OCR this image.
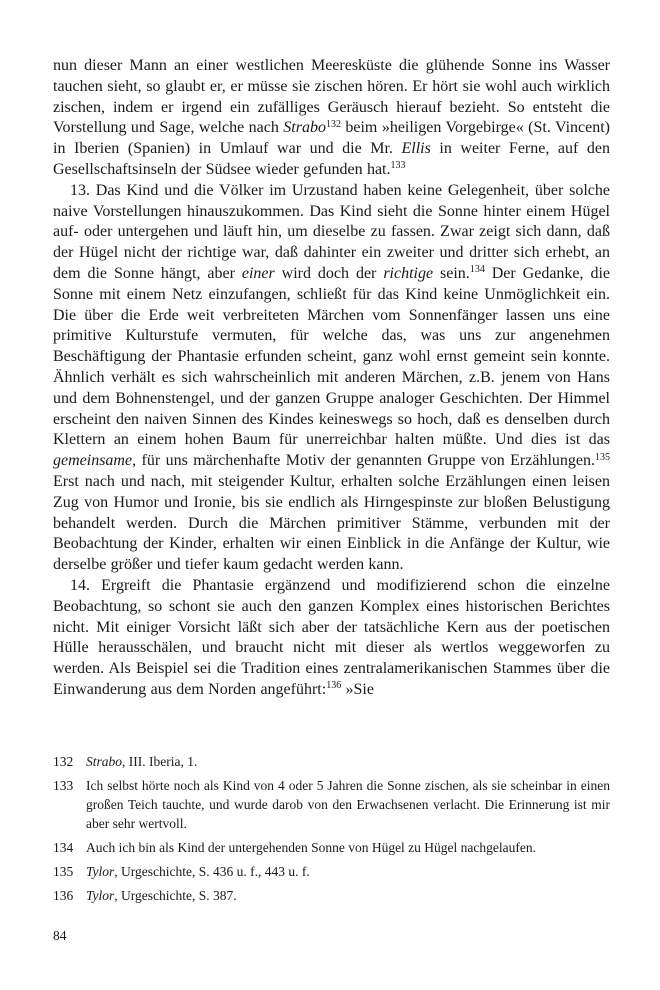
nun dieser Mann an einer westlichen Meeresküste die glühende Sonne ins Wasser tauchen sieht, so glaubt er, er müsse sie zischen hören. Er hört sie wohl auch wirklich zischen, indem er irgend ein zufälliges Geräusch hierauf bezieht. So entsteht die Vorstellung und Sage, welche nach Strabo$^{132}$ beim »heiligen Vorgebirge« (St. Vincent) in Iberien (Spanien) in Umlauf war und die Mr. Ellis in weiter Ferne, auf den Gesellschaftsinseln der Südsee wieder gefunden hat.$^{133}$

13. Das Kind und die Völker im Urzustand haben keine Gelegenheit, über solche naive Vorstellungen hinauszukommen. Das Kind sieht die Sonne hinter einem Hügel auf- oder untergehen und läuft hin, um dieselbe zu fassen. Zwar zeigt sich dann, daß der Hügel nicht der richtige war, daß dahinter ein zweiter und dritter sich erhebt, an dem die Sonne hängt, aber einer wird doch der richtige sein.$^{134}$ Der Gedanke, die Sonne mit einem Netz einzufangen, schließt für das Kind keine Unmöglichkeit ein. Die über die Erde weit verbreiteten Märchen vom Sonnenfänger lassen uns eine primitive Kulturstufe vermuten, für welche das, was uns zur angenehmen Beschäftigung der Phantasie erfunden scheint, ganz wohl ernst gemeint sein konnte. Ähnlich verhält es sich wahrscheinlich mit anderen Märchen, z.B. jenem von Hans und dem Bohnenstengel, und der ganzen Gruppe analoger Geschichten. Der Himmel erscheint den naiven Sinnen des Kindes keineswegs so hoch, daß es denselben durch Klettern an einem hohen Baum für unerreichbar halten müßte. Und dies ist das gemeinsame, für uns märchenhafte Motiv der genannten Gruppe von Erzählungen.$^{135}$ Erst nach und nach, mit steigender Kultur, erhalten solche Erzählungen einen leisen Zug von Humor und Ironie, bis sie endlich als Hirngespinste zur bloßen Belustigung behandelt werden. Durch die Märchen primitiver Stämme, verbunden mit der Beobachtung der Kinder, erhalten wir einen Einblick in die Anfänge der Kultur, wie derselbe größer und tiefer kaum gedacht werden kann.

14. Ergreift die Phantasie ergänzend und modifizierend schon die einzelne Beobachtung, so schont sie auch den ganzen Komplex eines historischen Berichtes nicht. Mit einiger Vorsicht läßt sich aber der tatsächliche Kern aus der poetischen Hülle herausschälen, und braucht nicht mit dieser als wertlos weggeworfen zu werden. Als Beispiel sei die Tradition eines zentralamerikanischen Stammes über die Einwanderung aus dem Norden angeführt:$^{136}$ »Sie

132 Strabo, III. Iberia, 1.
133 Ich selbst hörte noch als Kind von 4 oder 5 Jahren die Sonne zischen, als sie scheinbar in einen großen Teich tauchte, und wurde darob von den Erwachsenen verlacht. Die Erinnerung ist mir aber sehr wertvoll.
134 Auch ich bin als Kind der untergehenden Sonne von Hügel zu Hügel nachgelaufen.
135 Tylor, Urgeschichte, S. 436 u. f., 443 u. f.
136 Tylor, Urgeschichte, S. 387.
84
